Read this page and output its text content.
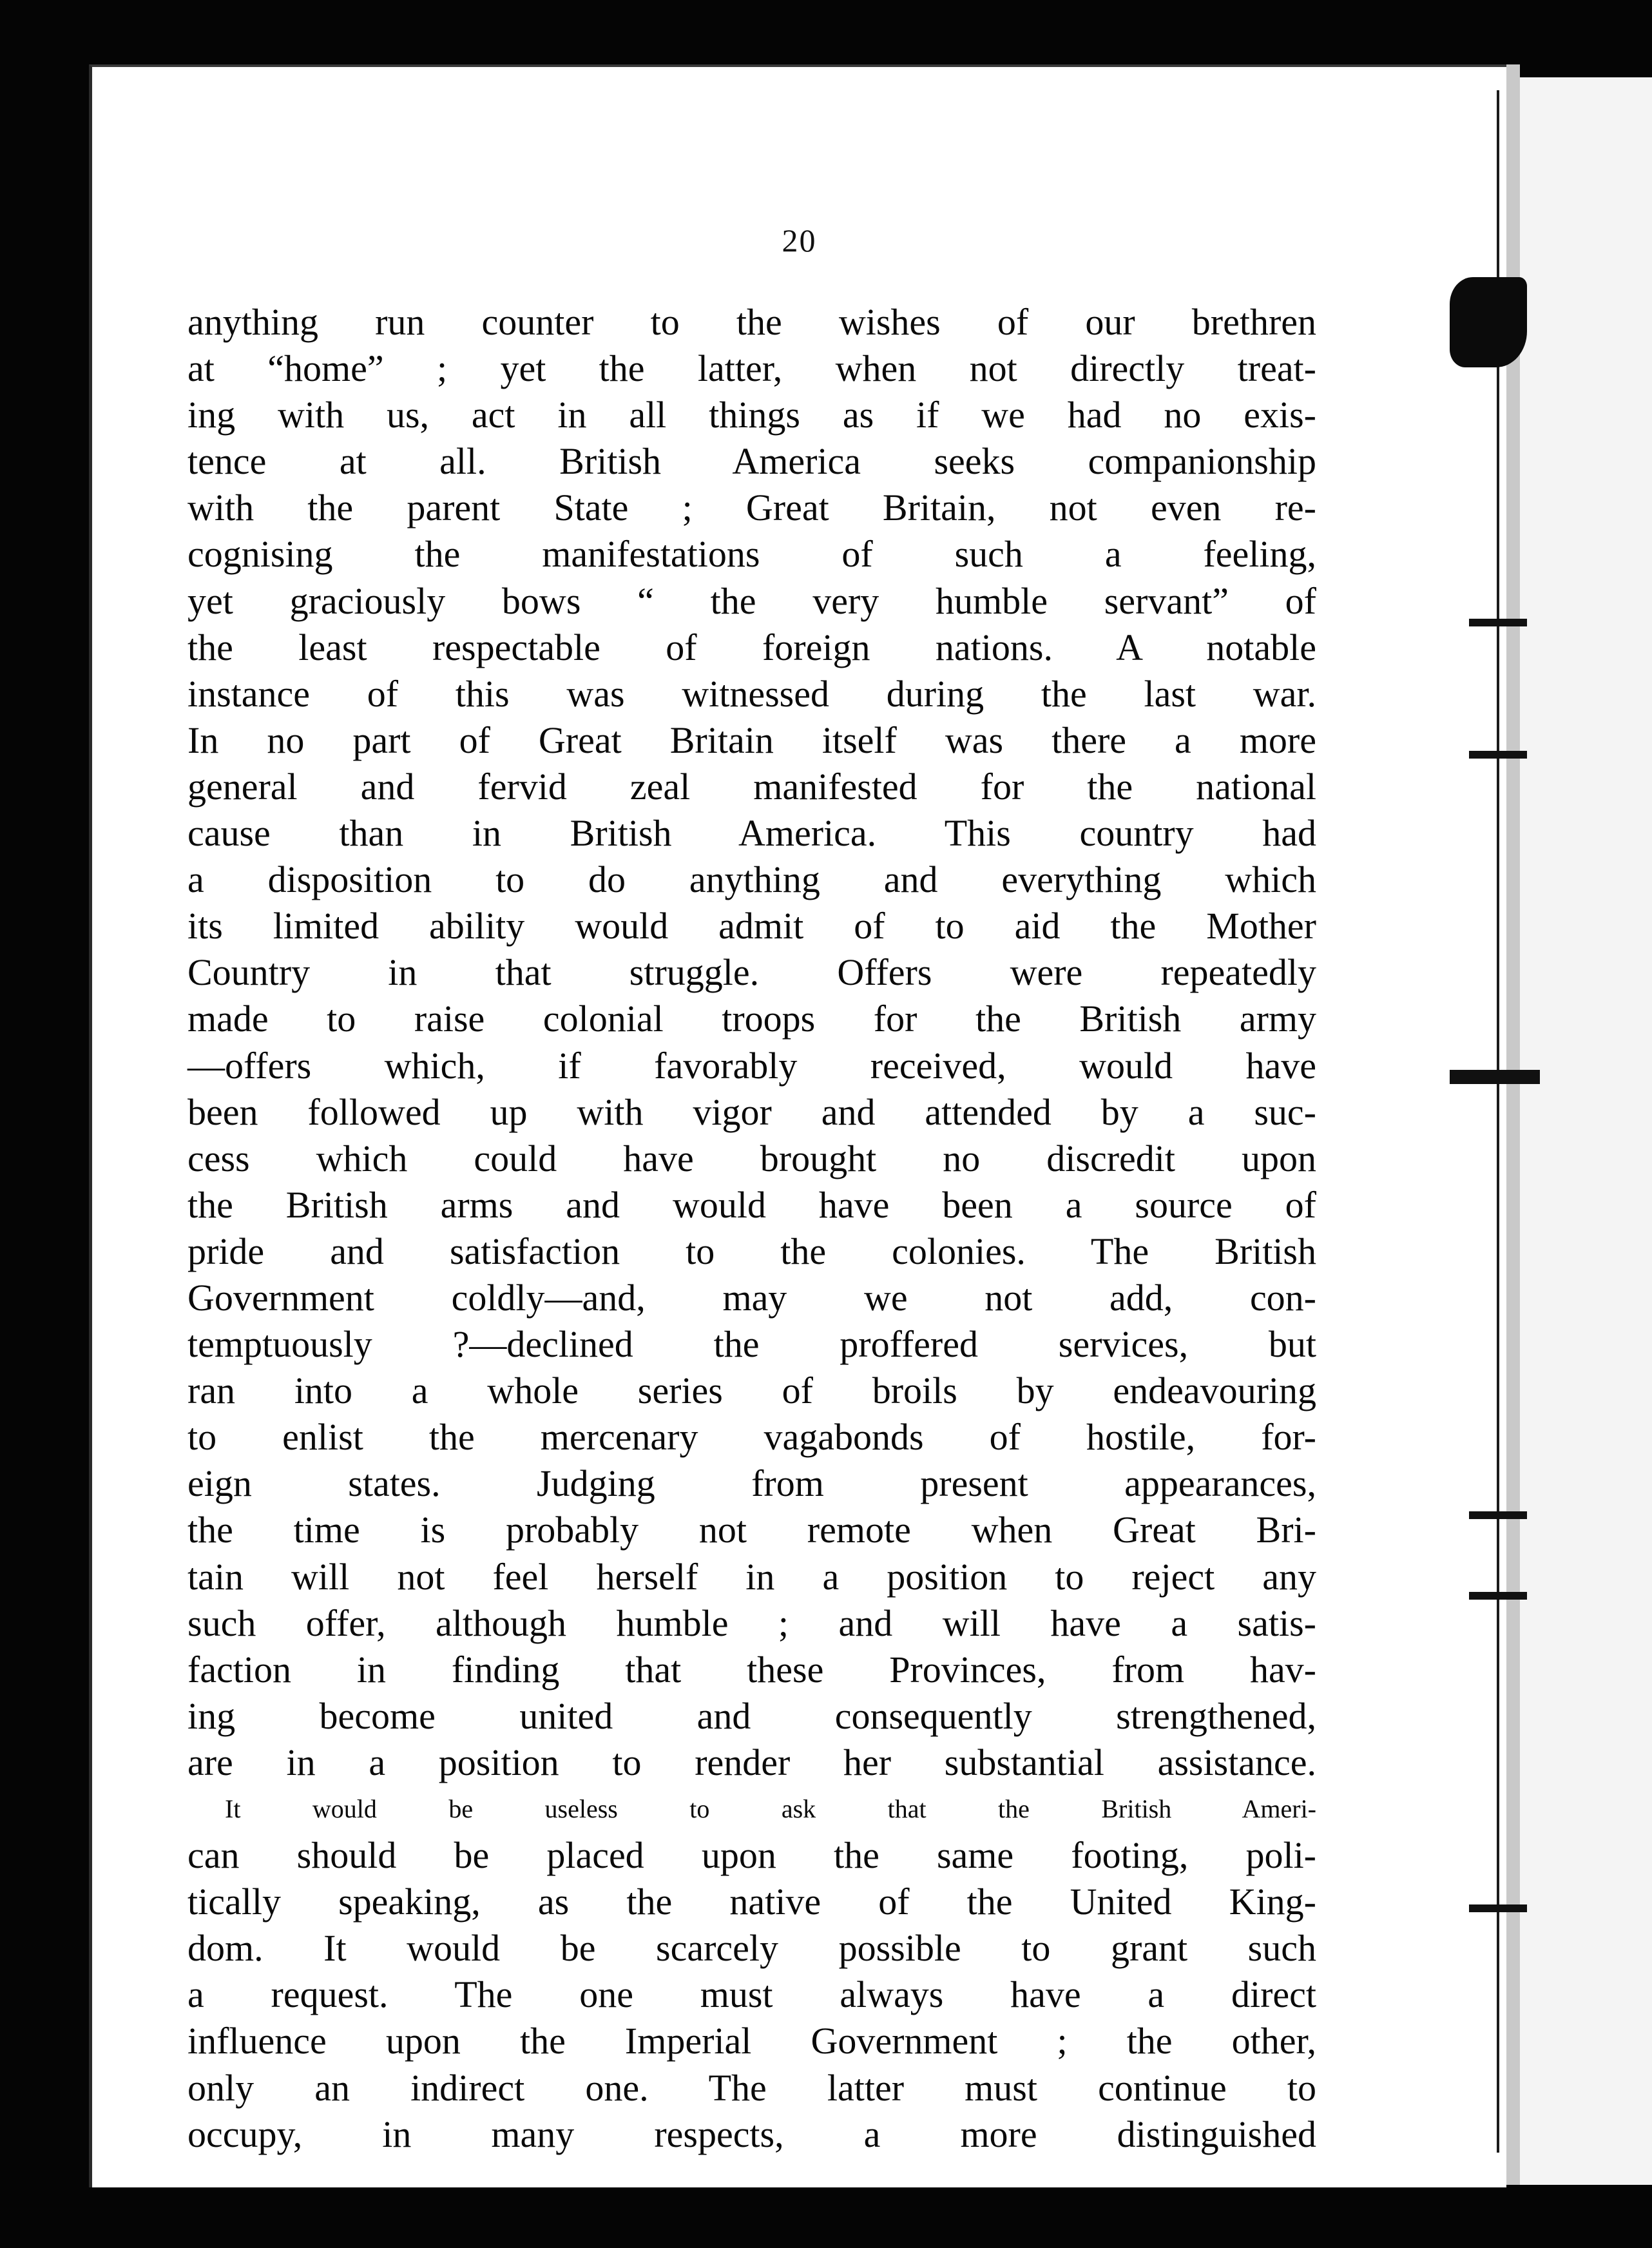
20
anything run counter to the wishes of our brethren
at “home” ; yet the latter, when not directly treat-
ing with us, act in all things as if we had no exis-
tence at all. British America seeks companionship
with the parent State ; Great Britain, not even re-
cognising the manifestations of such a feeling,
yet graciously bows “ the very humble servant” of
the least respectable of foreign nations. A notable
instance of this was witnessed during the last war.
In no part of Great Britain itself was there a more
general and fervid zeal manifested for the national
cause than in British America. This country had
a disposition to do anything and everything which
its limited ability would admit of to aid the Mother
Country in that struggle. Offers were repeatedly
made to raise colonial troops for the British army
—offers which, if favorably received, would have
been followed up with vigor and attended by a suc-
cess which could have brought no discredit upon
the British arms and would have been a source of
pride and satisfaction to the colonies. The British
Government coldly—and, may we not add, con-
temptuously ?—declined the proffered services, but
ran into a whole series of broils by endeavouring
to enlist the mercenary vagabonds of hostile, for-
eign states. Judging from present appearances,
the time is probably not remote when Great Bri-
tain will not feel herself in a position to reject any
such offer, although humble ; and will have a satis-
faction in finding that these Provinces, from hav-
ing become united and consequently strengthened,
are in a position to render her substantial assistance.
It would be useless to ask that the British Ameri-
can should be placed upon the same footing, poli-
tically speaking, as the native of the United King-
dom. It would be scarcely possible to grant such
a request. The one must always have a direct
influence upon the Imperial Government ; the other,
only an indirect one. The latter must continue to
occupy, in many respects, a more distinguished
